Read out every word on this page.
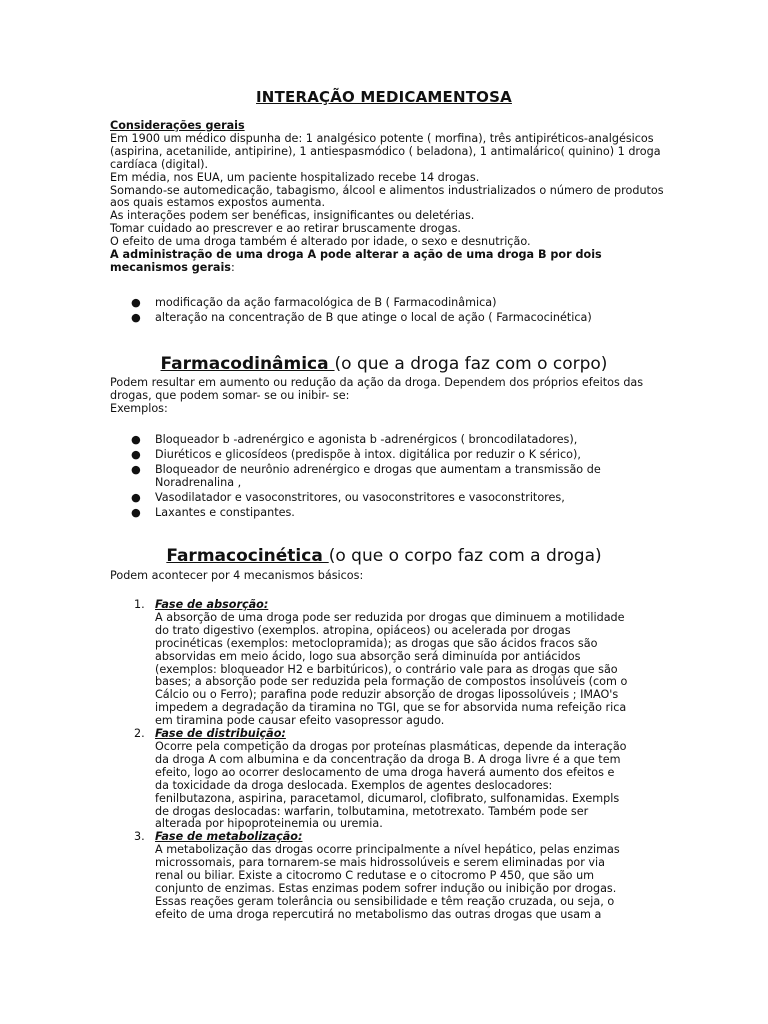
INTERAÇÃO MEDICAMENTOSA

Considerações gerais

Em 1900 um médico dispunha de: 1 analgésico potente ( morfina), três antipiréticos-analgésicos (aspirina, acetanilide, antipirine), 1 antiespasmódico ( beladona), 1 antimalárico( quinino) 1 droga cardíaca (digital).

Em média, nos EUA, um paciente hospitalizado recebe 14 drogas.

Somando-se automedicação, tabagismo, álcool e alimentos industrializados o número de produtos aos quais estamos expostos aumenta.

As interações podem ser benéficas, insignificantes ou deletérias.

Tomar cuidado ao prescrever e ao retirar bruscamente drogas.

O efeito de uma droga também é alterado por idade, o sexo e desnutrição.

A administração de uma droga A pode alterar a ação de uma droga B por dois mecanismos gerais:

● modificação da ação farmacológica de B ( Farmacodinâmica)
● alteração na concentração de B que atinge o local de ação ( Farmacocinética)
Farmacodinâmica (o que a droga faz com o corpo)

Podem resultar em aumento ou redução da ação da droga. Dependem dos próprios efeitos das drogas, que podem somar- se ou inibir- se:

Exemplos:

● Bloqueador b -adrenérgico e agonista b -adrenérgicos ( broncodilatadores),
● Diuréticos e glicosídeos (predispõe à intox. digitálica por reduzir o K sérico),
● Bloqueador de neurônio adrenérgico e drogas que aumentam a transmissão de Noradrenalina ,
● Vasodilatador e vasoconstritores, ou vasoconstritores e vasoconstritores,
● Laxantes e constipantes.
Farmacocinética (o que o corpo faz com a droga)

Podem acontecer por 4 mecanismos básicos:

1. Fase de absorção:
A absorção de uma droga pode ser reduzida por drogas que diminuem a motilidade do trato digestivo (exemplos. atropina, opiáceos) ou acelerada por drogas procinéticas (exemplos: metoclopramida); as drogas que são ácidos fracos são absorvidas em meio ácido, logo sua absorção será diminuída por antiácidos (exemplos: bloqueador H2 e barbitúricos), o contrário vale para as drogas que são bases; a absorção pode ser reduzida pela formação de compostos insolúveis (com o Cálcio ou o Ferro); parafina pode reduzir absorção de drogas lipossolúveis ; IMAO's impedem a degradação da tiramina no TGI, que se for absorvida numa refeição rica em tiramina pode causar efeito vasopressor agudo.
2. Fase de distribuição:
Ocorre pela competição da drogas por proteínas plasmáticas, depende da interação da droga A com albumina e da concentração da droga B. A droga livre é a que tem efeito, logo ao ocorrer deslocamento de uma droga haverá aumento dos efeitos e da toxicidade da droga deslocada. Exemplos de agentes deslocadores: fenilbutazona, aspirina, paracetamol, dicumarol, clofibrato, sulfonamidas. Exempls de drogas deslocadas: warfarin, tolbutamina, metotrexato. Também pode ser alterada por hipoproteinemia ou uremia.
3. Fase de metabolização:
A metabolização das drogas ocorre principalmente a nível hepático, pelas enzimas microssomais, para tornarem-se mais hidrossolúveis e serem eliminadas por via renal ou biliar. Existe a citocromo C redutase e o citocromo P 450, que são um conjunto de enzimas. Estas enzimas podem sofrer indução ou inibição por drogas. Essas reações geram tolerância ou sensibilidade e têm reação cruzada, ou seja, o efeito de uma droga repercutirá no metabolismo das outras drogas que usam a
